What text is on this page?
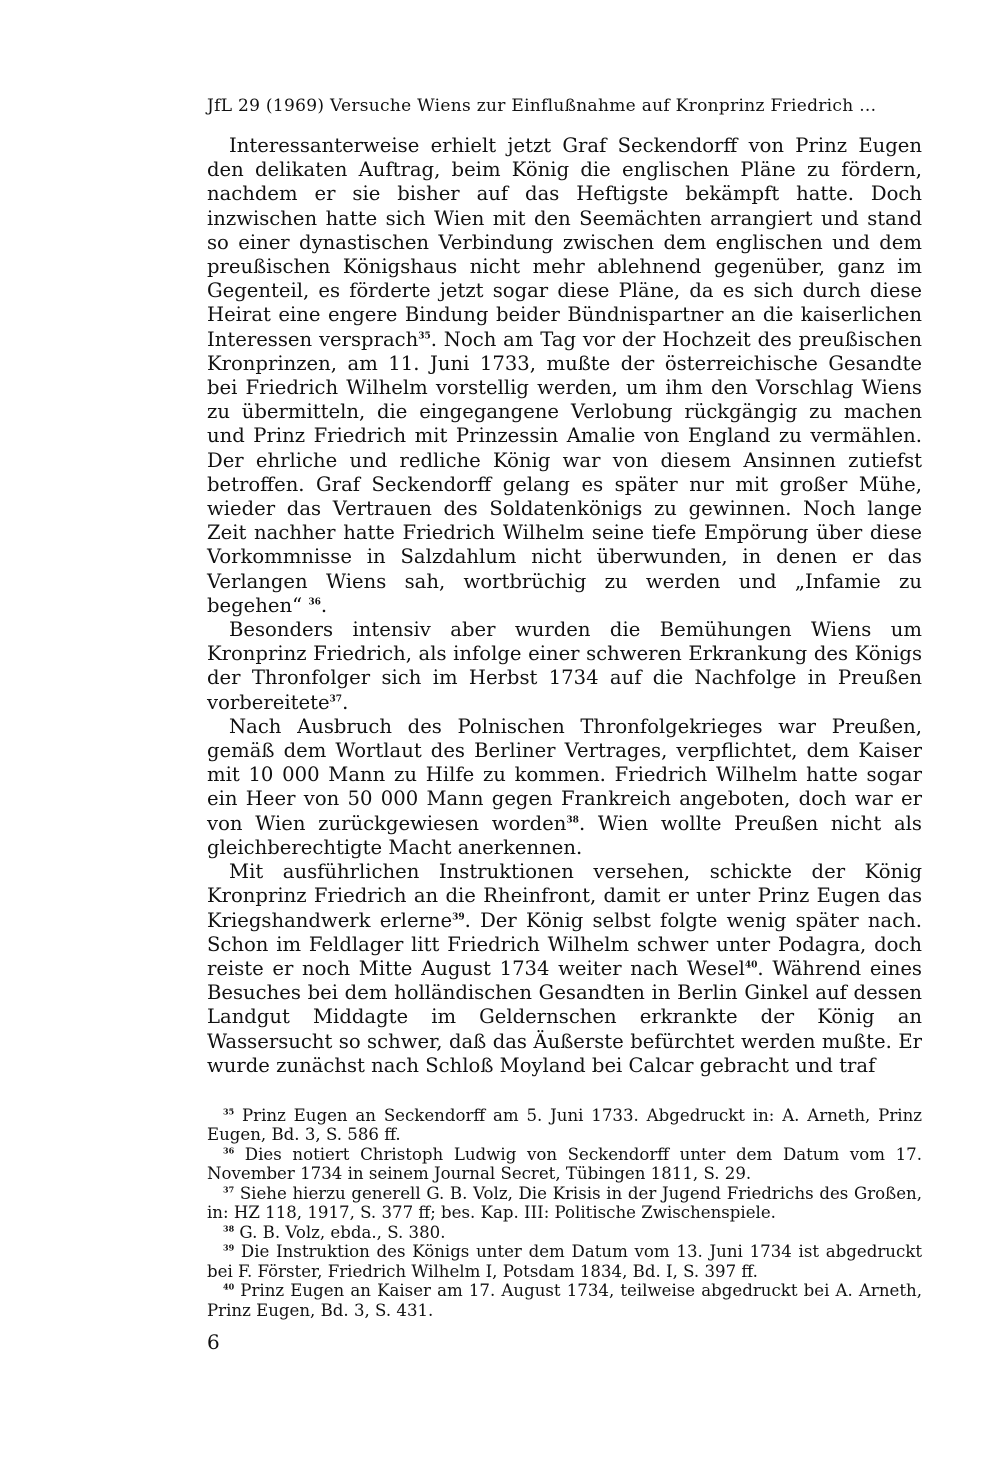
JfL 29 (1969) Versuche Wiens zur Einflußnahme auf Kronprinz Friedrich ...

Interessanterweise erhielt jetzt Graf Seckendorff von Prinz Eugen den delikaten Auftrag, beim König die englischen Pläne zu fördern, nachdem er sie bisher auf das Heftigste bekämpft hatte. Doch inzwischen hatte sich Wien mit den Seemächten arrangiert und stand so einer dynastischen Verbindung zwischen dem englischen und dem preußischen Königshaus nicht mehr ablehnend gegenüber, ganz im Gegenteil, es förderte jetzt sogar diese Pläne, da es sich durch diese Heirat eine engere Bindung beider Bündnispartner an die kaiserlichen Interessen versprach$^{35}$. Noch am Tag vor der Hochzeit des preußischen Kronprinzen, am 11. Juni 1733, mußte der österreichische Gesandte bei Friedrich Wilhelm vorstellig werden, um ihm den Vorschlag Wiens zu übermitteln, die eingegangene Verlobung rückgängig zu machen und Prinz Friedrich mit Prinzessin Amalie von England zu vermählen. Der ehrliche und redliche König war von diesem Ansinnen zutiefst betroffen. Graf Seckendorff gelang es später nur mit großer Mühe, wieder das Vertrauen des Soldatenkönigs zu gewinnen. Noch lange Zeit nachher hatte Friedrich Wilhelm seine tiefe Empörung über diese Vorkommnisse in Salzdahlum nicht überwunden, in denen er das Verlangen Wiens sah, wortbrüchig zu werden und „Infamie zu begehen“ $^{36}$.

Besonders intensiv aber wurden die Bemühungen Wiens um Kronprinz Friedrich, als infolge einer schweren Erkrankung des Königs der Thronfolger sich im Herbst 1734 auf die Nachfolge in Preußen vorbereitete$^{37}$.

Nach Ausbruch des Polnischen Thronfolgekrieges war Preußen, gemäß dem Wortlaut des Berliner Vertrages, verpflichtet, dem Kaiser mit 10 000 Mann zu Hilfe zu kommen. Friedrich Wilhelm hatte sogar ein Heer von 50 000 Mann gegen Frankreich angeboten, doch war er von Wien zurückgewiesen worden$^{38}$. Wien wollte Preußen nicht als gleichberechtigte Macht anerkennen.

Mit ausführlichen Instruktionen versehen, schickte der König Kronprinz Friedrich an die Rheinfront, damit er unter Prinz Eugen das Kriegshandwerk erlerne$^{39}$. Der König selbst folgte wenig später nach. Schon im Feldlager litt Friedrich Wilhelm schwer unter Podagra, doch reiste er noch Mitte August 1734 weiter nach Wesel$^{40}$. Während eines Besuches bei dem holländischen Gesandten in Berlin Ginkel auf dessen Landgut Middagte im Geldernschen erkrankte der König an Wassersucht so schwer, daß das Äußerste befürchtet werden mußte. Er wurde zunächst nach Schloß Moyland bei Calcar gebracht und traf

$^{35}$ Prinz Eugen an Seckendorff am 5. Juni 1733. Abgedruckt in: A. Arneth, Prinz Eugen, Bd. 3, S. 586 ff.

$^{36}$ Dies notiert Christoph Ludwig von Seckendorff unter dem Datum vom 17. November 1734 in seinem Journal Secret, Tübingen 1811, S. 29.

$^{37}$ Siehe hierzu generell G. B. Volz, Die Krisis in der Jugend Friedrichs des Großen, in: HZ 118, 1917, S. 377 ff; bes. Kap. III: Politische Zwischenspiele.

$^{38}$ G. B. Volz, ebda., S. 380.

$^{39}$ Die Instruktion des Königs unter dem Datum vom 13. Juni 1734 ist abgedruckt bei F. Förster, Friedrich Wilhelm I, Potsdam 1834, Bd. I, S. 397 ff.

$^{40}$ Prinz Eugen an Kaiser am 17. August 1734, teilweise abgedruckt bei A. Arneth, Prinz Eugen, Bd. 3, S. 431.

6
